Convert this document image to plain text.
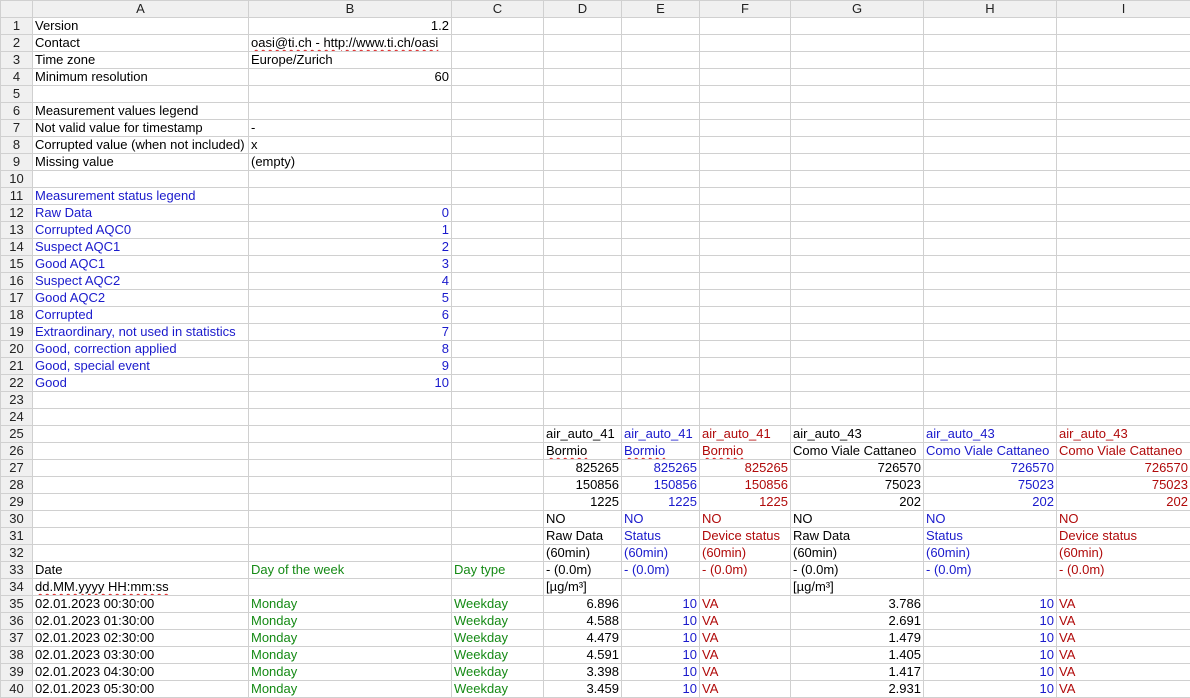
	A	B	C	D	E	F	G	H	I
1	Version	1.2							
2	Contact	oasi@ti.ch - http://www.ti.ch/oasi							
3	Time zone	Europe/Zurich							
4	Minimum resolution	60							
5									
6	Measurement values legend								
7	Not valid value for timestamp	-							
8	Corrupted value (when not included)	x							
9	Missing value	(empty)							
10									
11	Measurement status legend								
12	Raw Data	0							
13	Corrupted AQC0	1							
14	Suspect AQC1	2							
15	Good AQC1	3							
16	Suspect AQC2	4							
17	Good AQC2	5							
18	Corrupted	6							
19	Extraordinary, not used in statistics	7							
20	Good, correction applied	8							
21	Good, special event	9							
22	Good	10							
23									
24									
25				air_auto_41	air_auto_41	air_auto_41	air_auto_43	air_auto_43	air_auto_43
26				Bormio	Bormio	Bormio	Como Viale Cattaneo	Como Viale Cattaneo	Como Viale Cattaneo
27				825265	825265	825265	726570	726570	726570
28				150856	150856	150856	75023	75023	75023
29				1225	1225	1225	202	202	202
30				NO	NO	NO	NO	NO	NO
31				Raw Data	Status	Device status	Raw Data	Status	Device status
32				(60min)	(60min)	(60min)	(60min)	(60min)	(60min)
33	Date	Day of the week	Day type	- (0.0m)	- (0.0m)	- (0.0m)	- (0.0m)	- (0.0m)	- (0.0m)
34	dd.MM.yyyy HH:mm:ss			[µg/m³]			[µg/m³]		
35	02.01.2023 00:30:00	Monday	Weekday	6.896	10	VA	3.786	10	VA
36	02.01.2023 01:30:00	Monday	Weekday	4.588	10	VA	2.691	10	VA
37	02.01.2023 02:30:00	Monday	Weekday	4.479	10	VA	1.479	10	VA
38	02.01.2023 03:30:00	Monday	Weekday	4.591	10	VA	1.405	10	VA
39	02.01.2023 04:30:00	Monday	Weekday	3.398	10	VA	1.417	10	VA
40	02.01.2023 05:30:00	Monday	Weekday	3.459	10	VA	2.931	10	VA
